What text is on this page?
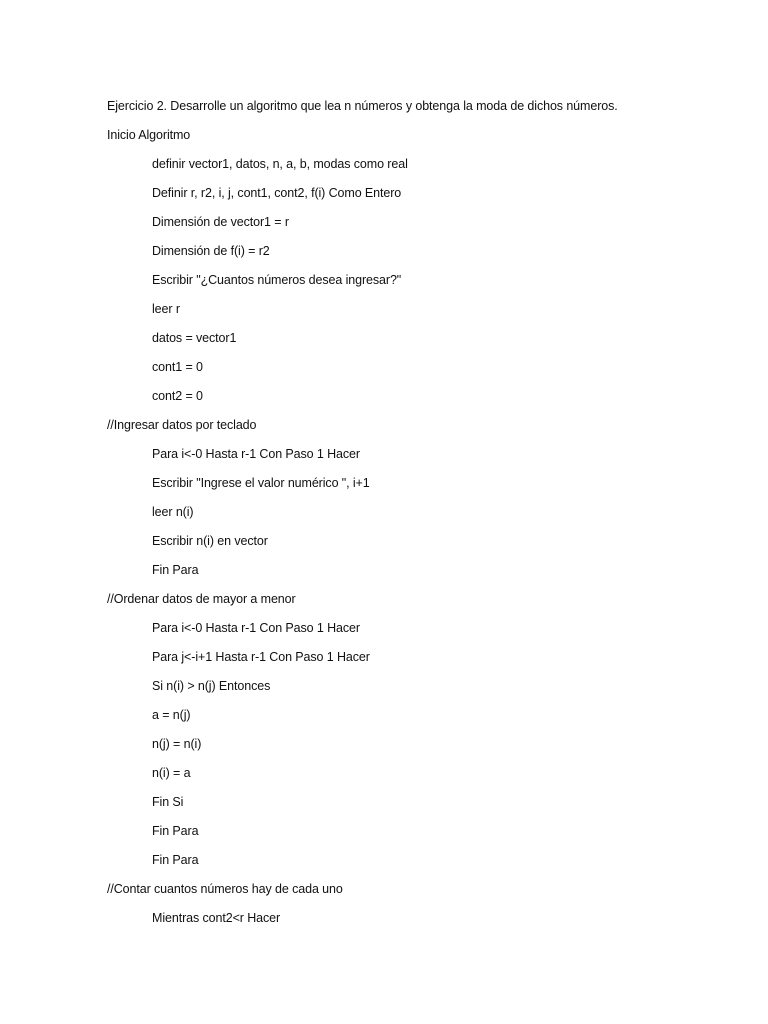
Ejercicio 2. Desarrolle un algoritmo que lea n números y obtenga la moda de dichos números.
Inicio Algoritmo
definir vector1, datos, n, a, b, modas como real
Definir r, r2, i, j, cont1, cont2, f(i) Como Entero
Dimensión de vector1 = r
Dimensión de f(i) = r2
Escribir "¿Cuantos números desea ingresar?"
leer r
datos = vector1
cont1 = 0
cont2 = 0
//Ingresar datos por teclado
Para i<-0 Hasta r-1 Con Paso 1 Hacer
Escribir "Ingrese el valor numérico ", i+1
leer n(i)
Escribir n(i) en vector
Fin Para
//Ordenar datos de mayor a menor
Para i<-0 Hasta r-1 Con Paso 1 Hacer
Para j<-i+1 Hasta r-1 Con Paso 1 Hacer
Si n(i) > n(j) Entonces
a = n(j)
n(j) = n(i)
n(i) = a
Fin Si
Fin Para
Fin Para
//Contar cuantos números hay de cada uno
Mientras cont2<r Hacer
